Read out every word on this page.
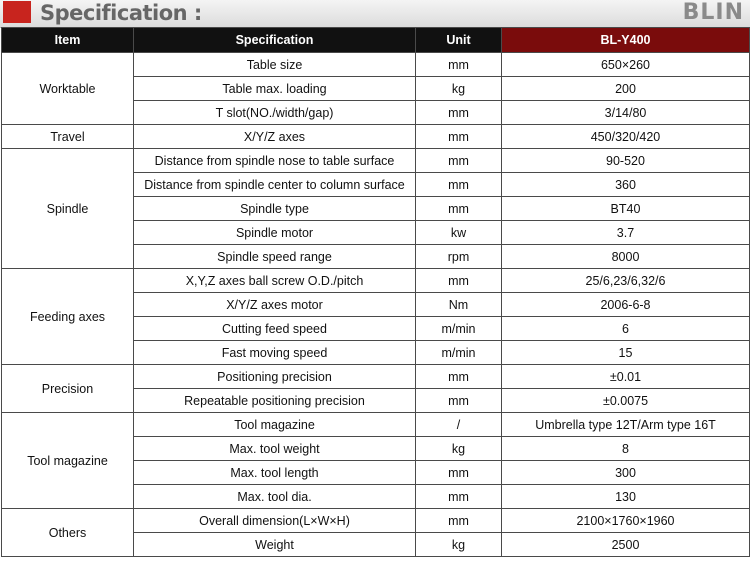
Specification :	BLIN
Item	Specification	Unit	BL-Y400
Worktable	Table size	mm	650×260
	Table max. loading	kg	200
	T slot(NO./width/gap)	mm	3/14/80
Travel	X/Y/Z axes	mm	450/320/420
Spindle	Distance from spindle nose to table surface	mm	90-520
	Distance from spindle center to column surface	mm	360
	Spindle type	mm	BT40
	Spindle motor	kw	3.7
	Spindle speed range	rpm	8000
Feeding axes	X,Y,Z axes ball screw O.D./pitch	mm	25/6,23/6,32/6
	X/Y/Z axes motor	Nm	2006-6-8
	Cutting feed speed	m/min	6
	Fast moving speed	m/min	15
Precision	Positioning precision	mm	±0.01
	Repeatable positioning precision	mm	±0.0075
Tool magazine	Tool magazine	/	Umbrella type 12T/Arm type 16T
	Max. tool weight	kg	8
	Max. tool length	mm	300
	Max. tool dia.	mm	130
Others	Overall dimension(L×W×H)	mm	2100×1760×1960
	Weight	kg	2500
